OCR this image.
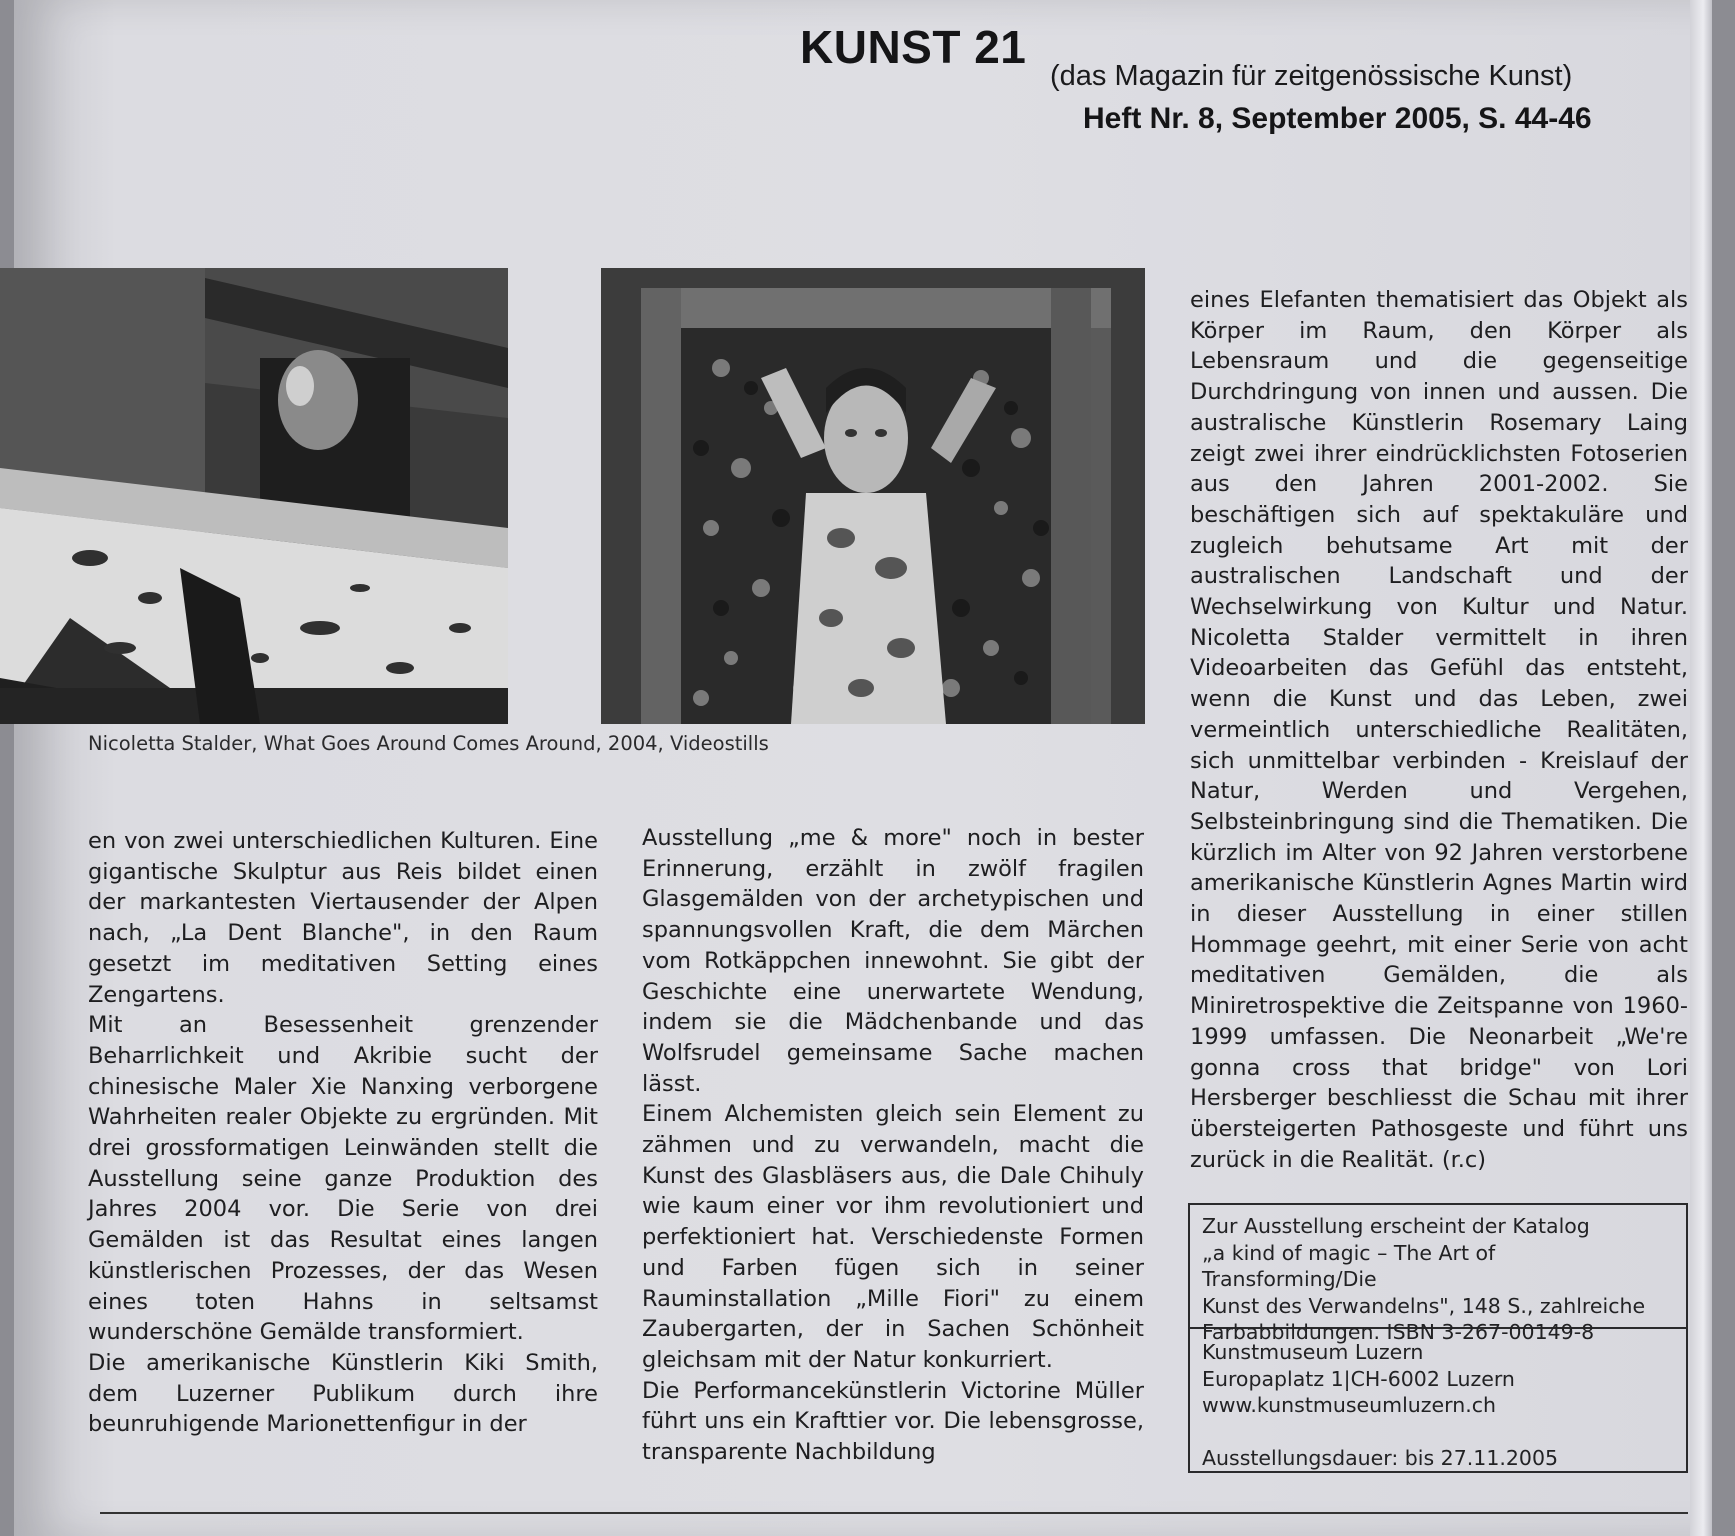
KUNST 21
(das Magazin für zeitgenössische Kunst)
Heft Nr. 8, September 2005, S. 44-46
Nicoletta Stalder, What Goes Around Comes Around, 2004, Videostills

en von zwei unterschiedlichen Kulturen. Eine gigantische Skulptur aus Reis bildet einen der markantesten Viertausender der Alpen nach, „La Dent Blanche", in den Raum gesetzt im meditativen Setting eines Zengartens.

Mit an Besessenheit grenzender Beharrlichkeit und Akribie sucht der chinesische Maler Xie Nanxing verborgene Wahrheiten realer Objekte zu ergründen. Mit drei grossformatigen Leinwänden stellt die Ausstellung seine ganze Produktion des Jahres 2004 vor. Die Serie von drei Gemälden ist das Resultat eines langen künstlerischen Prozesses, der das Wesen eines toten Hahns in seltsamst wunderschöne Gemälde transformiert.

Die amerikanische Künstlerin Kiki Smith, dem Luzerner Publikum durch ihre beunruhigende Marionettenfigur in der

Ausstellung „me & more" noch in bester Erinnerung, erzählt in zwölf fragilen Glasgemälden von der archetypischen und spannungsvollen Kraft, die dem Märchen vom Rotkäppchen innewohnt. Sie gibt der Geschichte eine unerwartete Wendung, indem sie die Mädchenbande und das Wolfsrudel gemeinsame Sache machen lässt.

Einem Alchemisten gleich sein Element zu zähmen und zu verwandeln, macht die Kunst des Glasbläsers aus, die Dale Chihuly wie kaum einer vor ihm revolutioniert und perfektioniert hat. Verschiedenste Formen und Farben fügen sich in seiner Rauminstallation „Mille Fiori" zu einem Zaubergarten, der in Sachen Schönheit gleichsam mit der Natur konkurriert.

Die Performancekünstlerin Victorine Müller führt uns ein Krafttier vor. Die lebensgrosse, transparente Nachbildung

eines Elefanten thematisiert das Objekt als Körper im Raum, den Körper als Lebensraum und die gegenseitige Durchdringung von innen und aussen. Die australische Künstlerin Rosemary Laing zeigt zwei ihrer eindrücklichsten Fotoserien aus den Jahren 2001-2002. Sie beschäftigen sich auf spektakuläre und zugleich behutsame Art mit der australischen Landschaft und der Wechselwirkung von Kultur und Natur. Nicoletta Stalder vermittelt in ihren Videoarbeiten das Gefühl das entsteht, wenn die Kunst und das Leben, zwei vermeintlich unterschiedliche Realitäten, sich unmittelbar verbinden - Kreislauf der Natur, Werden und Vergehen, Selbsteinbringung sind die Thematiken. Die kürzlich im Alter von 92 Jahren verstorbene amerikanische Künstlerin Agnes Martin wird in dieser Ausstellung in einer stillen Hommage geehrt, mit einer Serie von acht meditativen Gemälden, die als Miniretrospektive die Zeitspanne von 1960-1999 umfassen. Die Neonarbeit „We're gonna cross that bridge" von Lori Hersberger beschliesst die Schau mit ihrer übersteigerten Pathosgeste und führt uns zurück in die Realität. (r.c)

Zur Ausstellung erscheint der Katalog
„a kind of magic – The Art of Transforming/Die
Kunst des Verwandelns", 148 S., zahlreiche
Farbabbildungen. ISBN 3-267-00149-8
Kunstmuseum Luzern
Europaplatz 1|CH-6002 Luzern
www.kunstmuseumluzern.ch
Ausstellungsdauer: bis 27.11.2005
